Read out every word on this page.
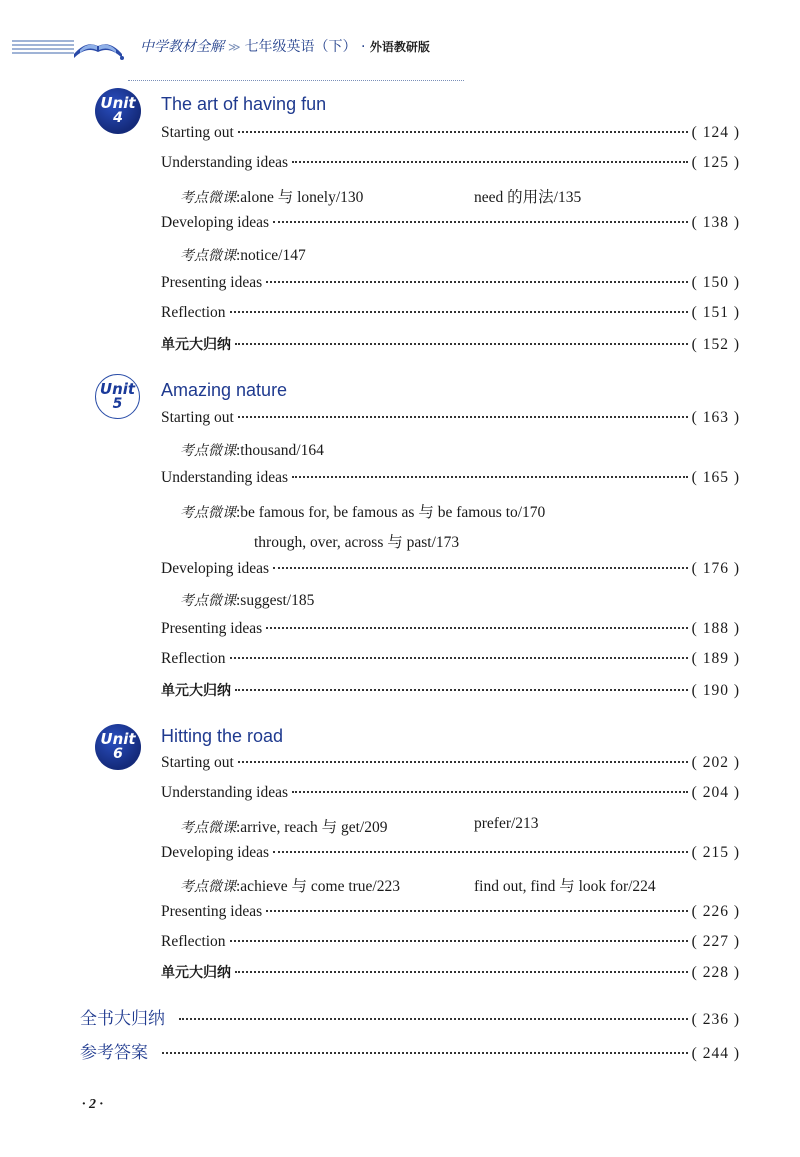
中学教材全解 ≫ 七年级英语（下） · 外语教研版
Unit
4
The art of having fun
Starting out	( 124 )
Understanding ideas	( 125 )
考点微课:alone 与 lonely/130	need 的用法/135
Developing ideas	( 138 )
考点微课:notice/147
Presenting ideas	( 150 )
Reflection	( 151 )
单元大归纳	( 152 )
Unit
5
Amazing nature
Starting out	( 163 )
考点微课:thousand/164
Understanding ideas	( 165 )
考点微课:be famous for, be famous as 与 be famous to/170
through, over, across 与 past/173
Developing ideas	( 176 )
考点微课:suggest/185
Presenting ideas	( 188 )
Reflection	( 189 )
单元大归纳	( 190 )
Unit
6
Hitting the road
Starting out	( 202 )
Understanding ideas	( 204 )
考点微课:arrive, reach 与 get/209	prefer/213
Developing ideas	( 215 )
考点微课:achieve 与 come true/223	find out, find 与 look for/224
Presenting ideas	( 226 )
Reflection	( 227 )
单元大归纳	( 228 )
全书大归纳	( 236 )
参考答案	( 244 )
· 2 ·
